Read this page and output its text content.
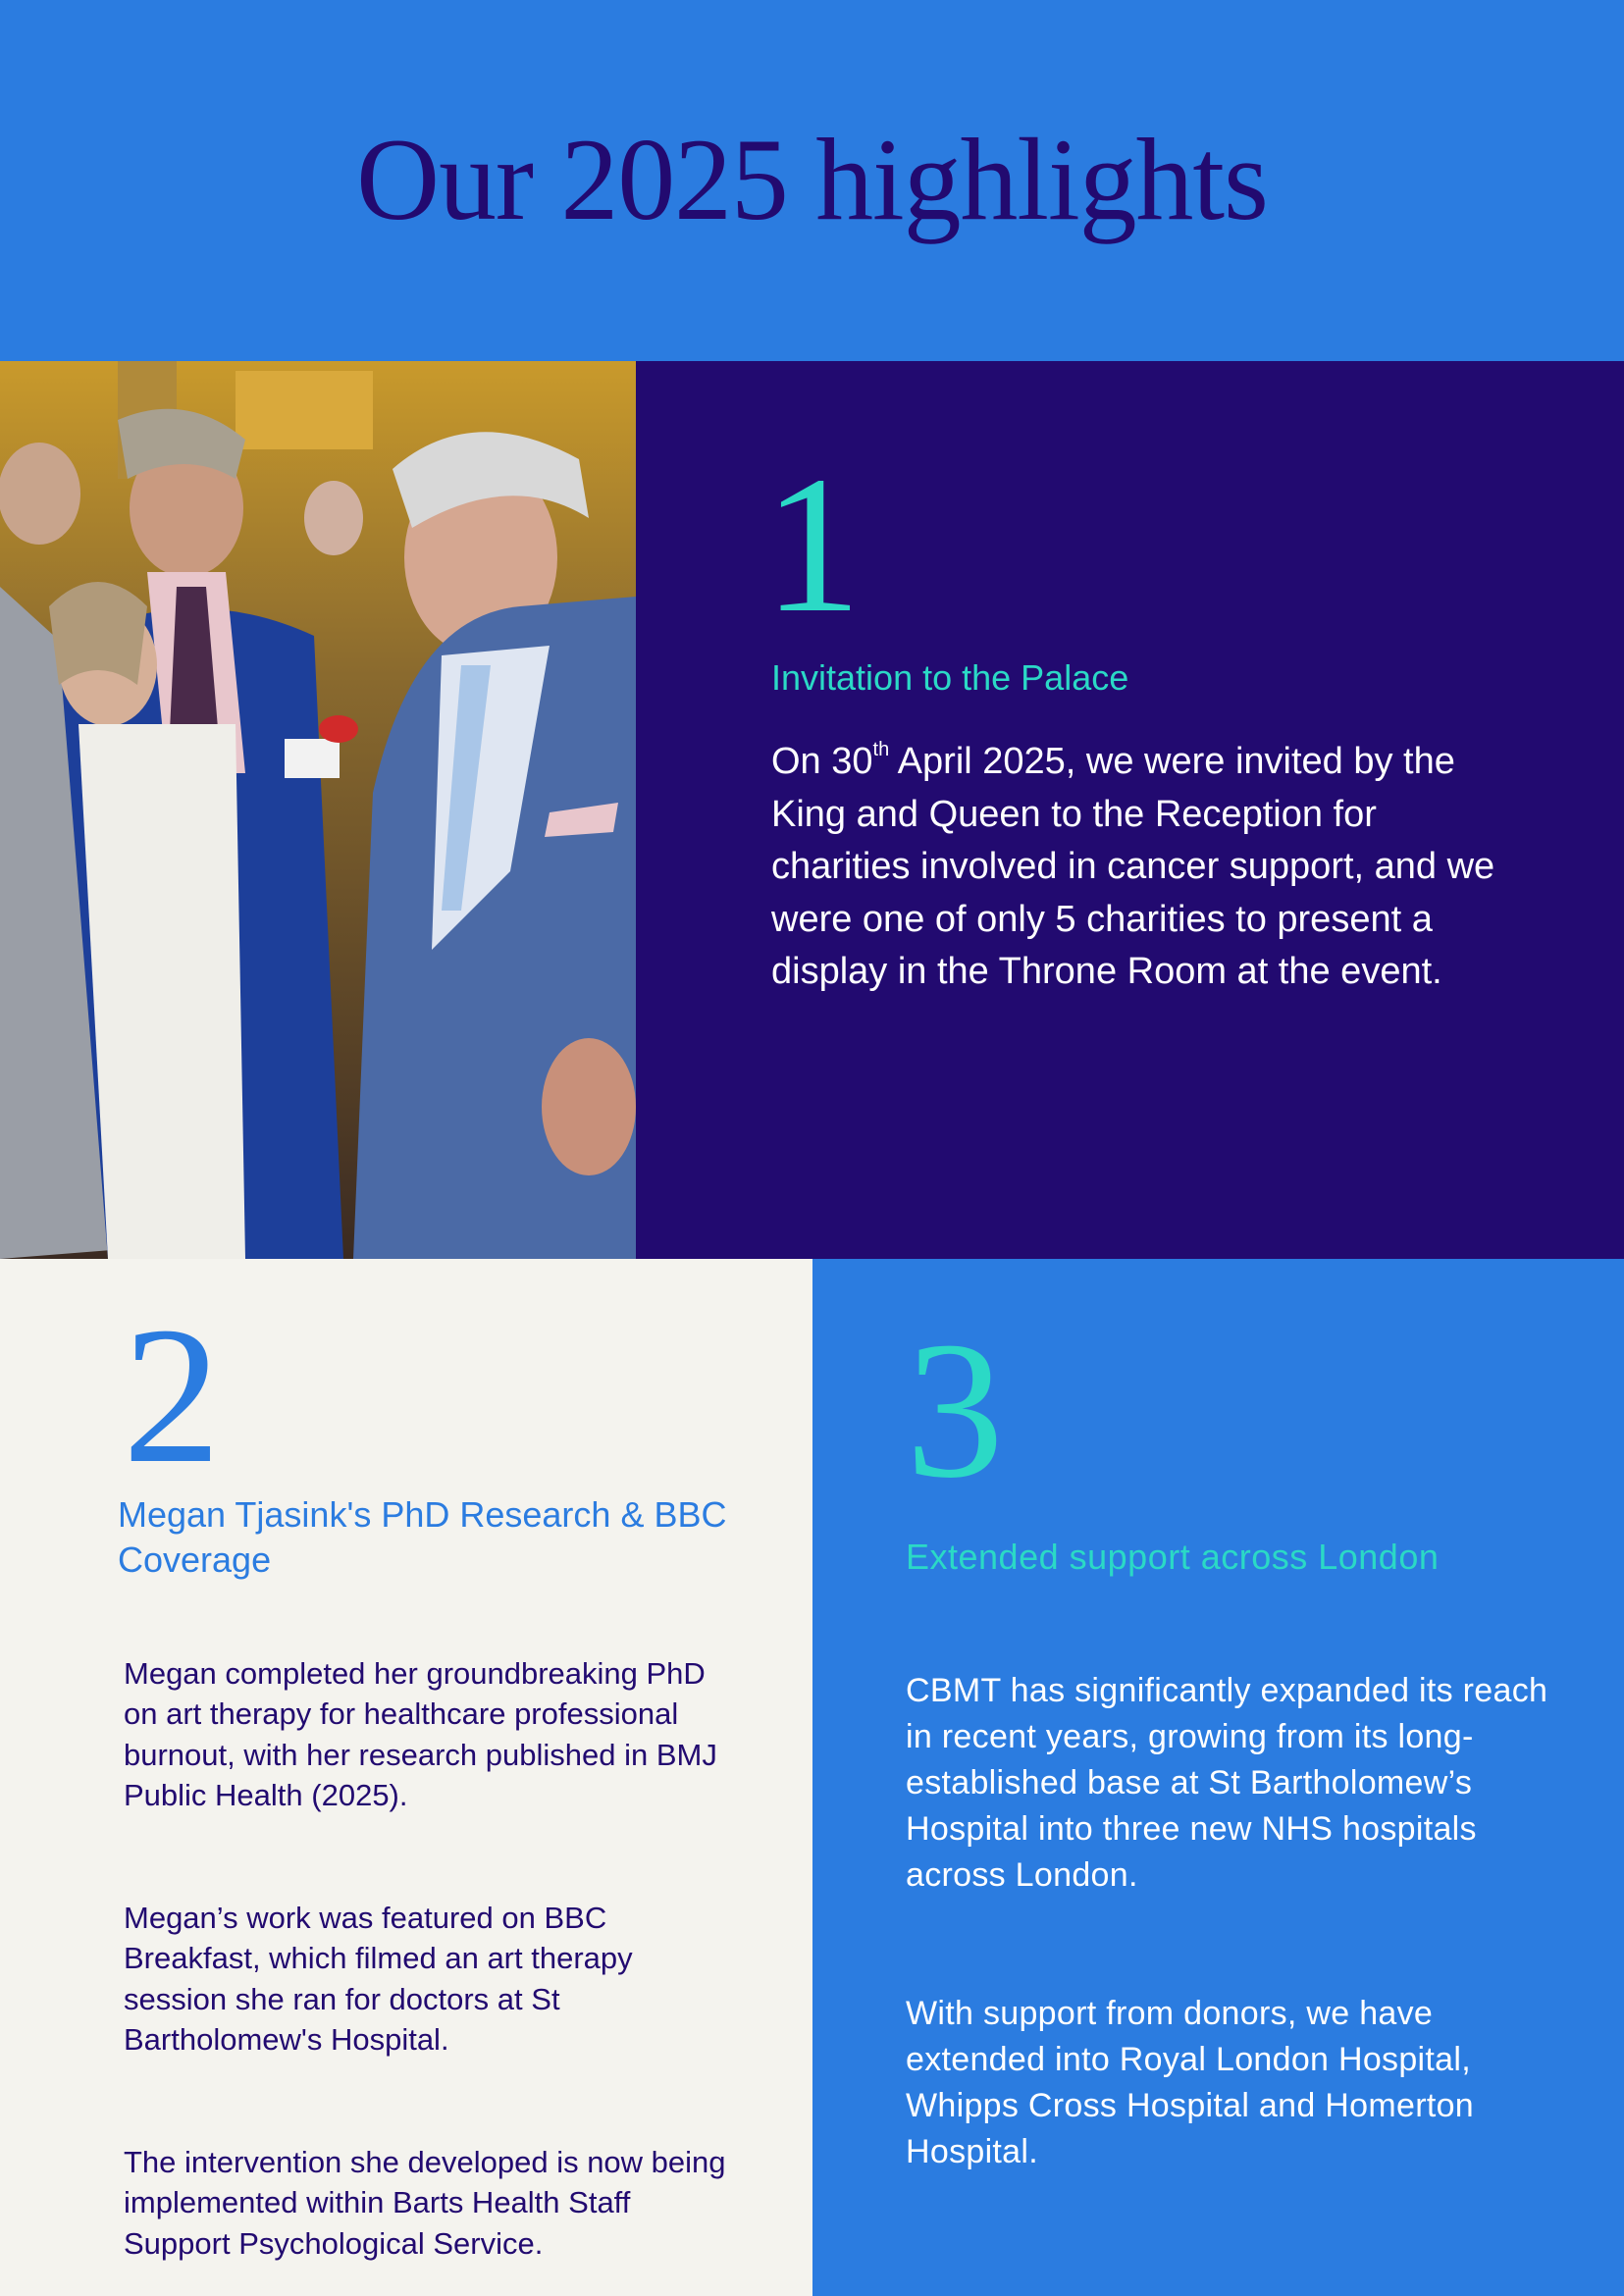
Our 2025 highlights
1
Invitation to the Palace
On 30th April 2025, we were invited by the King and Queen to the Reception for charities involved in cancer support, and we were one of only 5 charities to present a display in the Throne Room at the event.
2
Megan Tjasink's PhD Research & BBC Coverage

Megan completed her groundbreaking PhD on art therapy for healthcare professional burnout, with her research published in BMJ Public Health (2025).

Megan’s work was featured on BBC Breakfast, which filmed an art therapy session she ran for doctors at St Bartholomew's Hospital.

The intervention she developed is now being implemented within Barts Health Staff Support Psychological Service.

3
Extended support across London

CBMT has significantly expanded its reach in recent years, growing from its long-established base at St Bartholomew’s Hospital into three new NHS hospitals across London.

With support from donors, we have extended into Royal London Hospital, Whipps Cross Hospital and Homerton Hospital.
